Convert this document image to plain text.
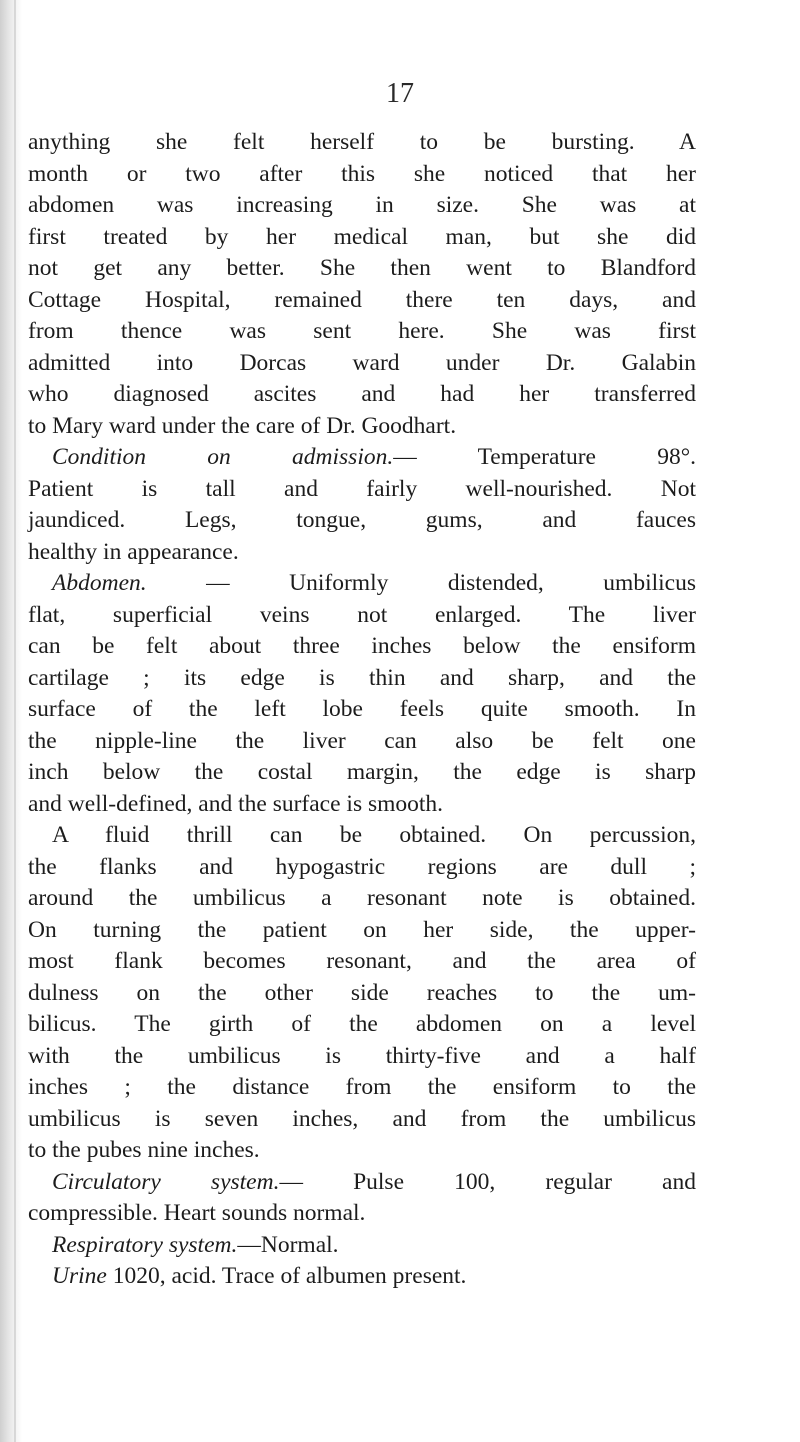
17
anything she felt herself to be bursting. A
month or two after this she noticed that her
abdomen was increasing in size. She was at
first treated by her medical man, but she did
not get any better. She then went to Blandford
Cottage Hospital, remained there ten days, and
from thence was sent here. She was first
admitted into Dorcas ward under Dr. Galabin
who diagnosed ascites and had her transferred
to Mary ward under the care of Dr. Goodhart.
Condition on admission.— Temperature 98°.
Patient is tall and fairly well-nourished. Not
jaundiced. Legs, tongue, gums, and fauces
healthy in appearance.
Abdomen. — Uniformly distended, umbilicus
flat, superficial veins not enlarged. The liver
can be felt about three inches below the ensiform
cartilage ; its edge is thin and sharp, and the
surface of the left lobe feels quite smooth. In
the nipple-line the liver can also be felt one
inch below the costal margin, the edge is sharp
and well-defined, and the surface is smooth.
A fluid thrill can be obtained. On percussion,
the flanks and hypogastric regions are dull ;
around the umbilicus a resonant note is obtained.
On turning the patient on her side, the upper-
most flank becomes resonant, and the area of
dulness on the other side reaches to the um-
bilicus. The girth of the abdomen on a level
with the umbilicus is thirty-five and a half
inches ; the distance from the ensiform to the
umbilicus is seven inches, and from the umbilicus
to the pubes nine inches.
Circulatory system.— Pulse 100, regular and
compressible. Heart sounds normal.
Respiratory system.—Normal.
Urine 1020, acid. Trace of albumen present.
